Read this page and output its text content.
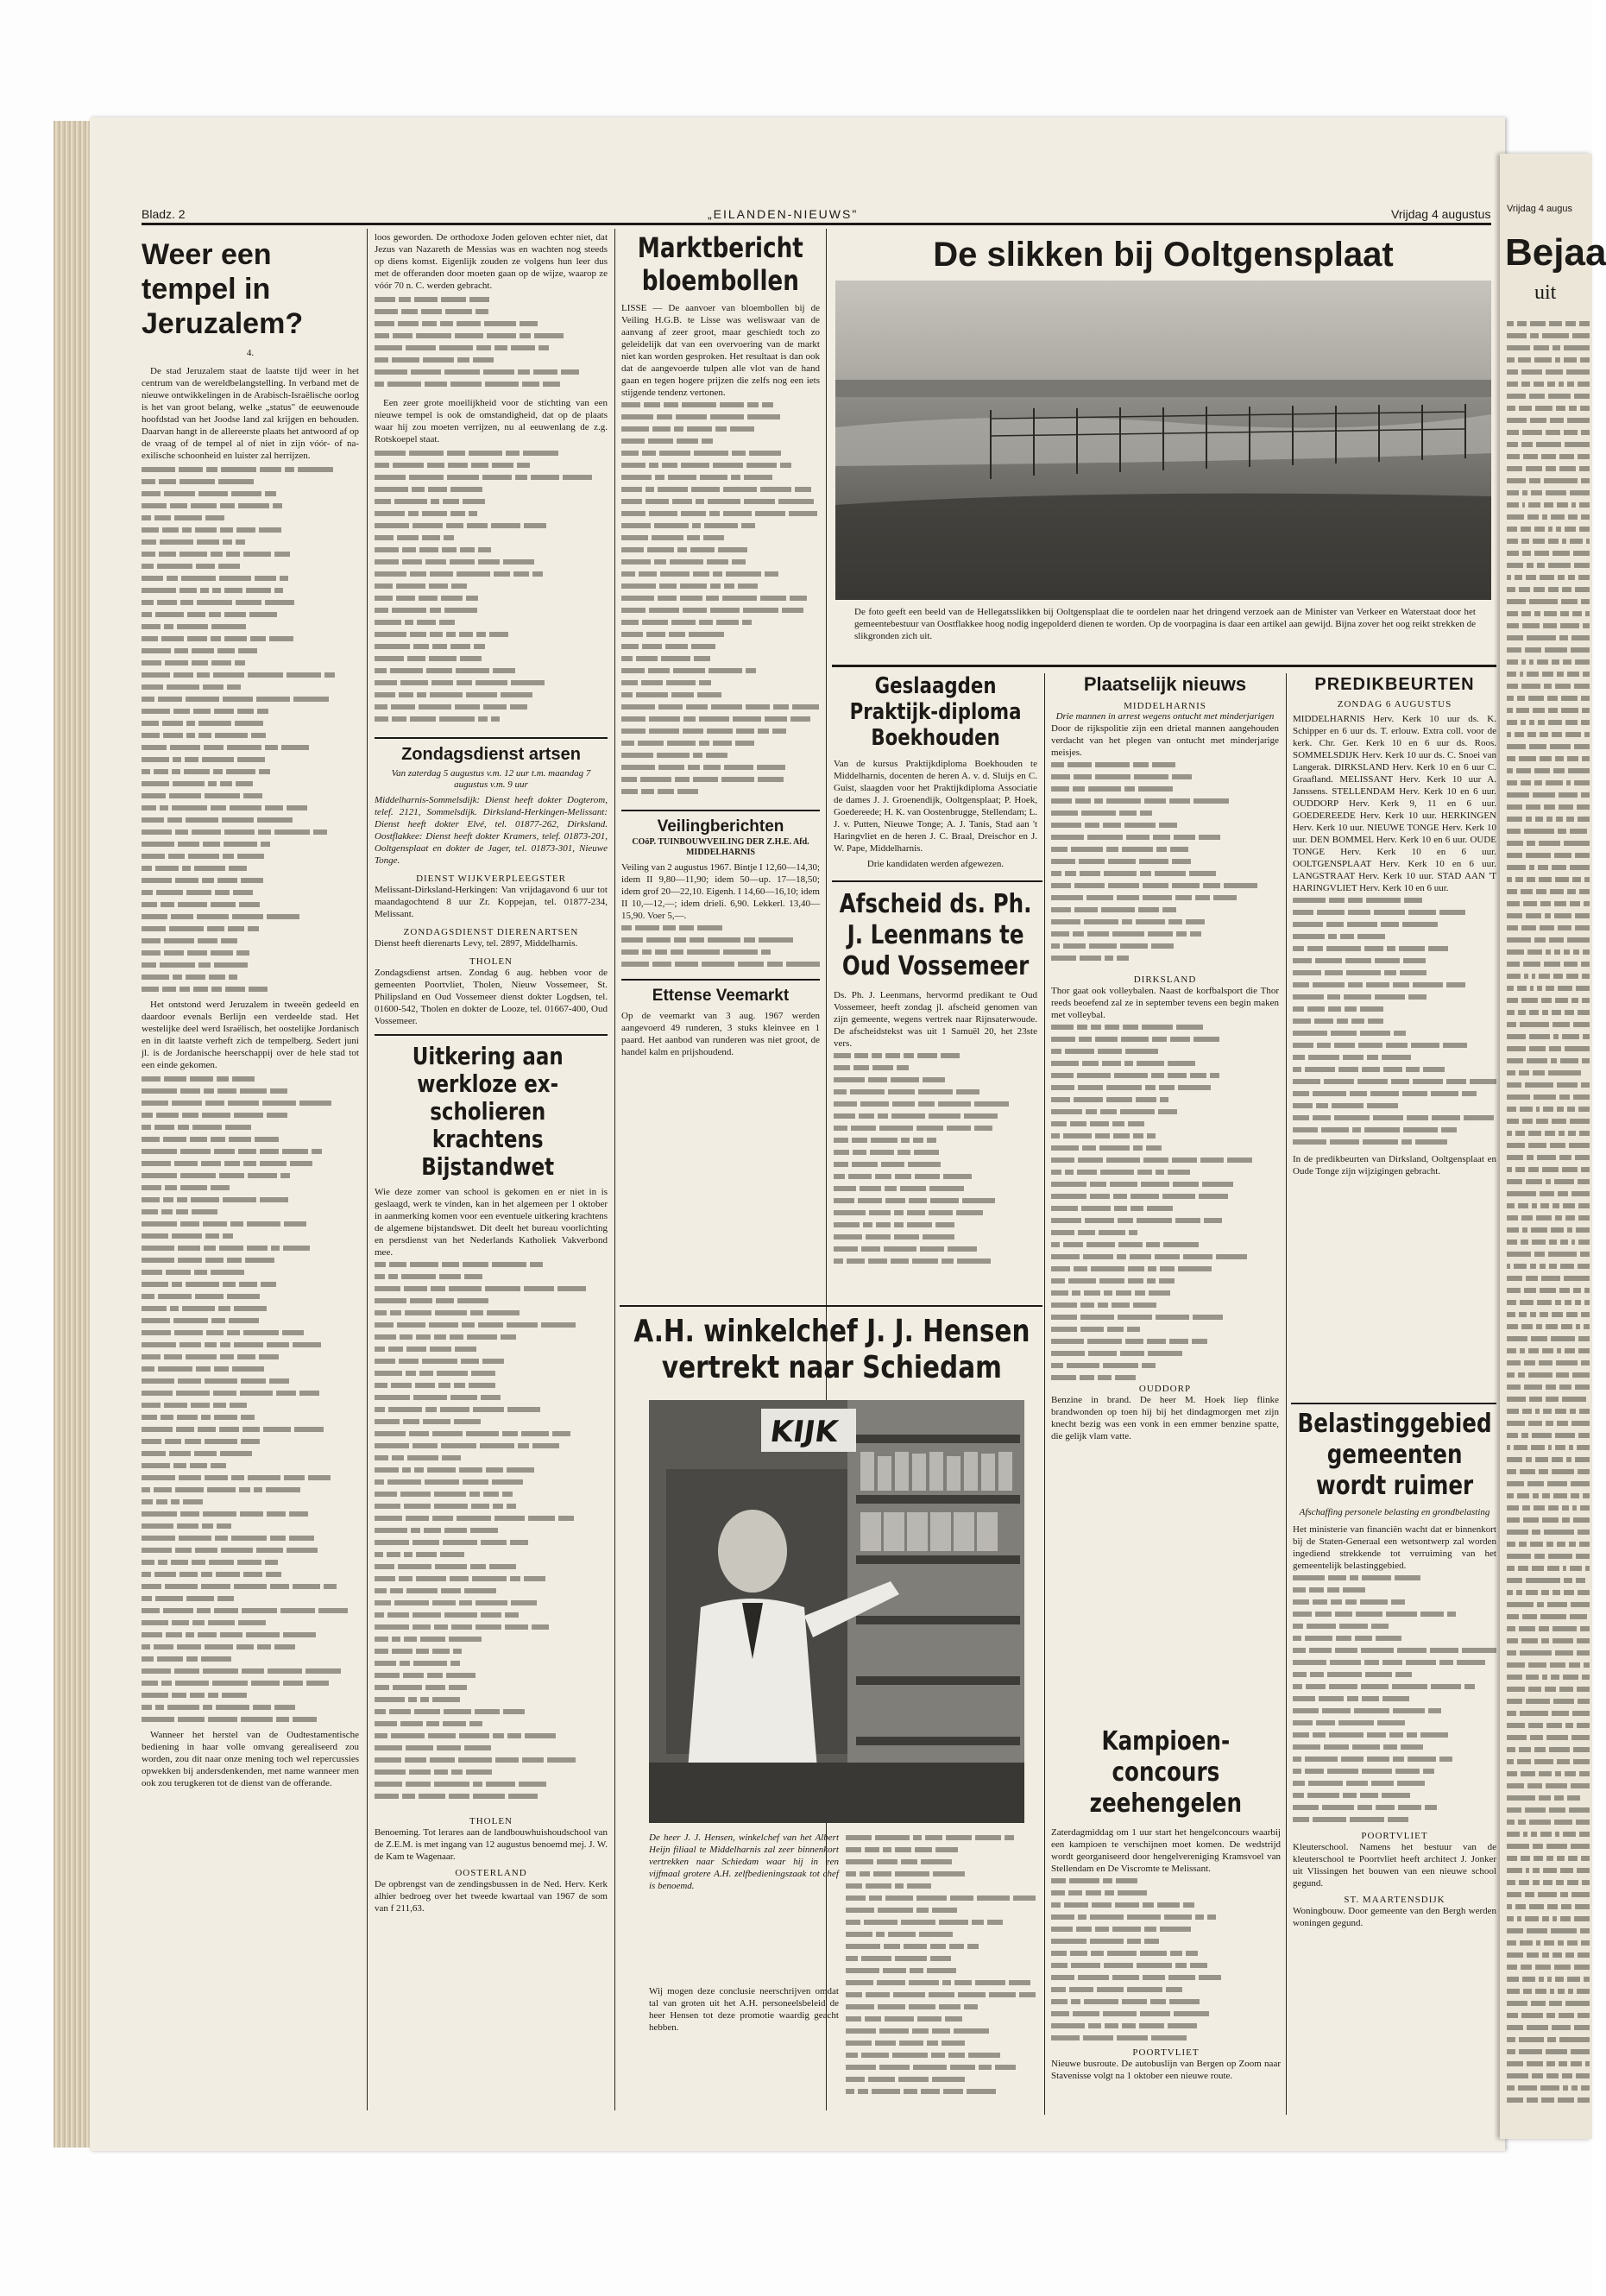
Bladz. 2	„EILANDEN-NIEUWS"	Vrijdag 4 augustus
Weer een tempel in Jeruzalem?
4.

De stad Jeruzalem staat de laatste tijd weer in het centrum van de wereldbelangstelling. In verband met de nieuwe ontwikkelingen in de Arabisch-Israëlische oorlog is het van groot belang, welke „status" de eeuwenoude hoofdstad van het Joodse land zal krijgen en behouden. Daarvan hangt in de allereerste plaats het antwoord af op de vraag of de tempel al of niet in zijn vóór- of na- exilische schoonheid en luister zal herrijzen.

Het ontstond werd Jeruzalem in tweeën gedeeld en daardoor evenals Berlijn een verdeelde stad. Het westelijke deel werd Israëlisch, het oostelijke Jordanisch en in dit laatste verheft zich de tempelberg. Sedert juni jl. is de Jordanische heerschappij over de hele stad tot een einde gekomen.

Wanneer het herstel van de Oudtestamentische bediening in haar volle omvang gerealiseerd zou worden, zou dit naar onze mening toch wel repercussies opwekken bij andersdenkenden, met name wanneer men ook zou terugkeren tot de dienst van de offerande.

loos geworden. De orthodoxe Joden geloven echter niet, dat Jezus van Nazareth de Messias was en wachten nog steeds op diens komst. Eigenlijk zouden ze volgens hun leer dus met de offeranden door moeten gaan op de wijze, waarop ze vóór 70 n. C. werden gebracht.

Een zeer grote moeilijkheid voor de stichting van een nieuwe tempel is ook de omstandigheid, dat op de plaats waar hij zou moeten verrijzen, nu al eeuwenlang de z.g. Rotskoepel staat.

Zondagsdienst artsen
Van zaterdag 5 augustus v.m. 12 uur t.m. maandag 7 augustus v.m. 9 uur
Middelharnis-Sommelsdijk: Dienst heeft dokter Dogterom, telef. 2121, Sommelsdijk. Dirksland-Herkingen-Melissant: Dienst heeft dokter Elvé, tel. 01877-262, Dirksland. Oostflakkee: Dienst heeft dokter Kramers, telef. 01873-201, Ooltgensplaat en dokter de Jager, tel. 01873-301, Nieuwe Tonge.
DIENST WIJKVERPLEEGSTER
Melissant-Dirksland-Herkingen: Van vrijdagavond 6 uur tot maandagochtend 8 uur Zr. Koppejan, tel. 01877-234, Melissant.
ZONDAGSDIENST DIERENARTSEN
Dienst heeft dierenarts Levy, tel. 2897, Middelharnis.
THOLEN
Zondagsdienst artsen. Zondag 6 aug. hebben voor de gemeenten Poortvliet, Tholen, Nieuw Vossemeer, St. Philipsland en Oud Vossemeer dienst dokter Logdsen, tel. 01600-542, Tholen en dokter de Looze, tel. 01667-400, Oud Vossemeer.
Uitkering aan werkloze ex-scholieren krachtens Bijstandwet
Wie deze zomer van school is gekomen en er niet in is geslaagd, werk te vinden, kan in het algemeen per 1 oktober in aanmerking komen voor een eventuele uitkering krachtens de algemene bijstandswet. Dit deelt het bureau voorlichting en persdienst van het Nederlands Katholiek Vakverbond mee.
THOLEN
Benoeming. Tot lerares aan de landbouwhuishoudschool van de Z.E.M. is met ingang van 12 augustus benoemd mej. J. W. de Kam te Wagenaar.
OOSTERLAND
De opbrengst van de zendingsbussen in de Ned. Herv. Kerk alhier bedroeg over het tweede kwartaal van 1967 de som van f 211,63.
Marktbericht bloembollen
LISSE — De aanvoer van bloembollen bij de Veiling H.G.B. te Lisse was weliswaar van de aanvang af zeer groot, maar geschiedt toch zo geleidelijk dat van een overvoering van de markt niet kan worden gesproken. Het resultaat is dan ook dat de aangevoerde tulpen alle vlot van de hand gaan en tegen hogere prijzen die zelfs nog een iets stijgende tendenz vertonen.
Veilingberichten
COöP. TUINBOUWVEILING DER Z.H.E. Afd. MIDDELHARNIS
Veiling van 2 augustus 1967. Bintje I 12,60—14,30; idem II 9,80—11,90; idem 50—up. 17—18,50; idem grof 20—22,10. Eigenh. I 14,60—16,10; idem II 10,—12,—; idem drieli. 6,90. Lekkerl. 13,40—15,90. Voer 5,—.
Ettense Veemarkt
Op de veemarkt van 3 aug. 1967 werden aangevoerd 49 runderen, 3 stuks kleinvee en 1 paard. Het aanbod van runderen was niet groot, de handel kalm en prijshoudend.
De slikken bij Ooltgensplaat
De foto geeft een beeld van de Hellegatsslikken bij Ooltgensplaat die te oordelen naar het dringend verzoek aan de Minister van Verkeer en Waterstaat door het gemeentebestuur van Oostflakkee hoog nodig ingepolderd dienen te worden. Op de voorpagina is daar een artikel aan gewijd. Bijna zover het oog reikt strekken de slikgronden zich uit.
Geslaagden Praktijk-diploma Boekhouden
Van de kursus Praktijkdiploma Boekhouden te Middelharnis, docenten de heren A. v. d. Sluijs en C. Guist, slaagden voor het Praktijkdiploma Associatie de dames J. J. Groenendijk, Ooltgensplaat; P. Hoek, Goedereede; H. K. van Oostenbrugge, Stellendam; L. J. v. Putten, Nieuwe Tonge; A. J. Tanis, Stad aan 't Haringvliet en de heren J. C. Braal, Dreischor en J. W. Pape, Middelharnis.
Drie kandidaten werden afgewezen.
Afscheid ds. Ph. J. Leenmans te Oud Vossemeer
Ds. Ph. J. Leenmans, hervormd predikant te Oud Vossemeer, heeft zondag jl. afscheid genomen van zijn gemeente, wegens vertrek naar Rijnsaterwoude. De afscheidstekst was uit 1 Samuël 20, het 23ste vers.
Plaatselijk nieuws
MIDDELHARNIS
Drie mannen in arrest wegens ontucht met minderjarigen
Door de rijkspolitie zijn een drietal mannen aangehouden verdacht van het plegen van ontucht met minderjarige meisjes.
DIRKSLAND
Thor gaat ook volleybalen. Naast de korfbalsport die Thor reeds beoefend zal ze in september tevens een begin maken met volleybal.
OUDDORP
Benzine in brand. De heer M. Hoek liep flinke brandwonden op toen hij bij het dindagmorgen met zijn knecht bezig was een vonk in een emmer benzine spatte, die gelijk vlam vatte.
PREDIKBEURTEN
ZONDAG 6 AUGUSTUS
MIDDELHARNIS Herv. Kerk 10 uur ds. K. Schipper en 6 uur ds. T. erlouw. Extra coll. voor de kerk. Chr. Ger. Kerk 10 en 6 uur ds. Roos. SOMMELSDIJK Herv. Kerk 10 uur ds. C. Snoei van Langerak. DIRKSLAND Herv. Kerk 10 en 6 uur C. Graafland. MELISSANT Herv. Kerk 10 uur A. Janssens. STELLENDAM Herv. Kerk 10 en 6 uur. OUDDORP Herv. Kerk 9, 11 en 6 uur. GOEDEREEDE Herv. Kerk 10 uur. HERKINGEN Herv. Kerk 10 uur. NIEUWE TONGE Herv. Kerk 10 uur. DEN BOMMEL Herv. Kerk 10 en 6 uur. OUDE TONGE Herv. Kerk 10 en 6 uur. OOLTGENSPLAAT Herv. Kerk 10 en 6 uur. LANGSTRAAT Herv. Kerk 10 uur. STAD AAN 'T HARINGVLIET Herv. Kerk 10 en 6 uur.
In de predikbeurten van Dirksland, Ooltgensplaat en Oude Tonge zijn wijzigingen gebracht.
Belastinggebied gemeenten wordt ruimer
Afschaffing personele belasting en grondbelasting
Het ministerie van financiën wacht dat er binnenkort bij de Staten-Generaal een wetsontwerp zal worden ingediend strekkende tot verruiming van het gemeentelijk belastinggebied.
POORTVLIET
Kleuterschool. Namens het bestuur van de kleuterschool te Poortvliet heeft architect J. Jonker uit Vlissingen het bouwen van een nieuwe school gegund.
ST. MAARTENSDIJK
Woningbouw. Door gemeente van den Bergh werden woningen gegund.
A.H. winkelchef J. J. Hensen vertrekt naar Schiedam
KIJK
De heer J. J. Hensen, winkelchef van het Albert Heijn filiaal te Middelharnis zal zeer binnenkort vertrekken naar Schiedam waar hij in een vijfmaal grotere A.H. zelfbedieningszaak tot chef is benoemd.
Wij mogen deze conclusie neerschrijven omdat tal van groten uit het A.H. personeelsbeleid de heer Hensen tot deze promotie waardig geacht hebben.
Kampioen-concours zeehengelen
Zaterdagmiddag om 1 uur start het hengelconcours waarbij een kampioen te verschijnen moet komen. De wedstrijd wordt georganiseerd door hengelvereniging Kramsvoel van Stellendam en De Viscromte te Melissant.
POORTVLIET
Nieuwe busroute. De autobuslijn van Bergen op Zoom naar Stavenisse volgt na 1 oktober een nieuwe route.
Vrijdag 4 augus
Bejaa
uit
